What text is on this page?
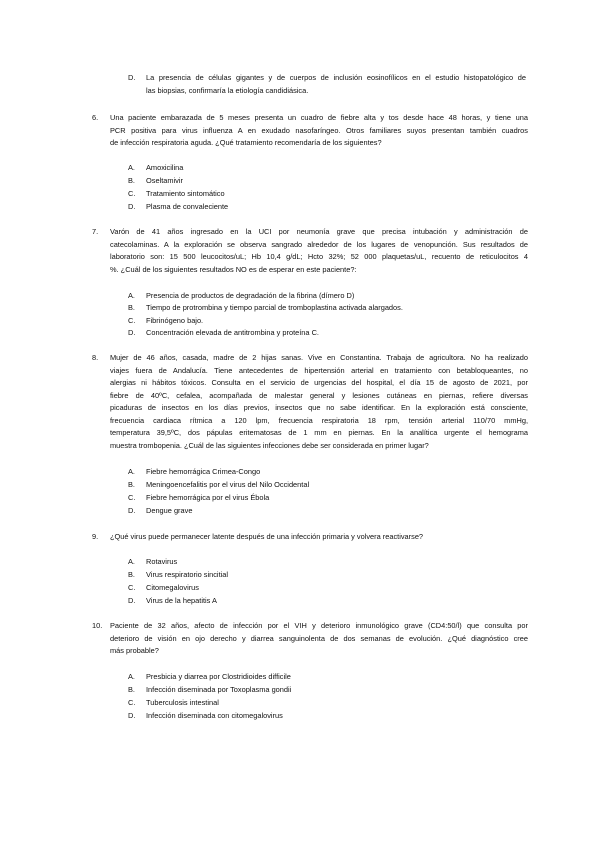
D. La presencia de células gigantes y de cuerpos de inclusión eosinofílicos en el estudio histopatológico de
las biopsias, confirmaría la etiología candidiásica.
6. Una paciente embarazada de 5 meses presenta un cuadro de fiebre alta y tos desde hace 48 horas, y tiene una
PCR positiva para virus influenza A en exudado nasofaríngeo. Otros familiares suyos presentan también cuadros
de infección respiratoria aguda. ¿Qué tratamiento recomendaría de los siguientes?
A. Amoxicilina
B. Oseltamivir
C. Tratamiento sintomático
D. Plasma de convaleciente
7. Varón de 41 años ingresado en la UCI por neumonía grave que precisa intubación y administración de
catecolaminas. A la exploración se observa sangrado alrededor de los lugares de venopunción. Sus resultados de
laboratorio son: 15 500 leucocitos/uL; Hb 10,4 g/dL; Hcto 32%; 52 000 plaquetas/uL, recuento de reticulocitos 4
%. ¿Cuál de los siguientes resultados NO es de esperar en este paciente?:
A. Presencia de productos de degradación de la fibrina (dímero D)
B. Tiempo de protrombina y tiempo parcial de tromboplastina activada alargados.
C. Fibrinógeno bajo.
D. Concentración elevada de antitrombina y proteína C.
8. Mujer de 46 años, casada, madre de 2 hijas sanas. Vive en Constantina. Trabaja de agricultora. No ha realizado
viajes fuera de Andalucía. Tiene antecedentes de hipertensión arterial en tratamiento con betabloqueantes, no
alergias ni hábitos tóxicos. Consulta en el servicio de urgencias del hospital, el día 15 de agosto de 2021, por
fiebre de 40ºC, cefalea, acompañada de malestar general y lesiones cutáneas en piernas, refiere diversas
picaduras de insectos en los días previos, insectos que no sabe identificar. En la exploración está consciente,
frecuencia cardiaca rítmica a 120 lpm, frecuencia respiratoria 18 rpm, tensión arterial 110/70 mmHg,
temperatura 39,5ºC, dos pápulas eritematosas de 1 mm en piernas. En la analítica urgente el hemograma
muestra trombopenia. ¿Cuál de las siguientes infecciones debe ser considerada en primer lugar?
A. Fiebre hemorrágica Crimea-Congo
B. Meningoencefalitis por el virus del Nilo Occidental
C. Fiebre hemorrágica por el virus Ébola
D. Dengue grave
9. ¿Qué virus puede permanecer latente después de una infección primaria y volvera reactivarse?
A. Rotavirus
B. Virus respiratorio sincitial
C. Citomegalovirus
D. Virus de la hepatitis A
10. Paciente de 32 años, afecto de infección por el VIH y deterioro inmunológico grave (CD4:50/l) que consulta por
deterioro de visión en ojo derecho y diarrea sanguinolenta de dos semanas de evolución. ¿Qué diagnóstico cree
más probable?
A. Presbicia y diarrea por Clostridioides difficile
B. Infección diseminada por Toxoplasma gondii
C. Tuberculosis intestinal
D. Infección diseminada con citomegalovirus
